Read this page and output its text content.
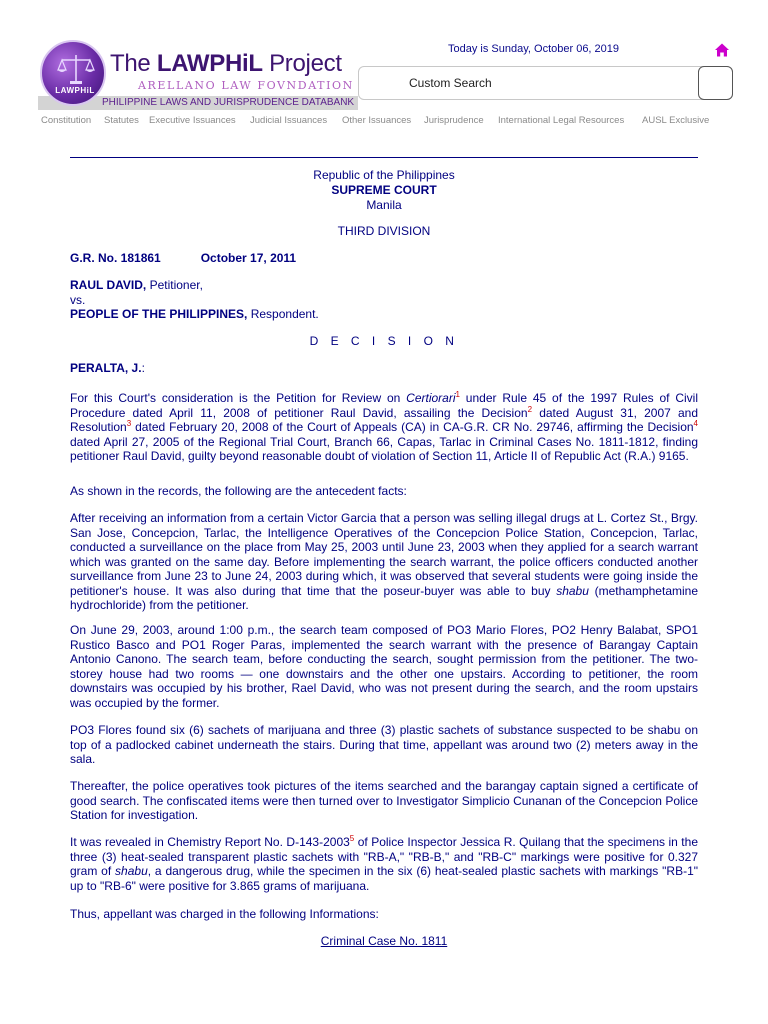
PHILIPPINE LAWS AND JURISPRUDENCE DATABANK
LAWPHiL
The LAWPHiL Project
ARELLANO LAW FOVNDATION
Today is Sunday, October 06, 2019
Custom Search
Constitution Statutes Executive Issuances Judicial Issuances Other Issuances Jurisprudence International Legal Resources AUSL Exclusive
Republic of the Philippines
SUPREME COURT
Manila
THIRD DIVISION
G.R. No. 181861	October 17, 2011
RAUL DAVID, Petitioner,
vs.
PEOPLE OF THE PHILIPPINES, Respondent.
D E C I S I O N
PERALTA, J.:
For this Court's consideration is the Petition for Review on Certiorari$^1$ under Rule 45 of the 1997 Rules of Civil Procedure dated April 11, 2008 of petitioner Raul David, assailing the Decision$^2$ dated August 31, 2007 and Resolution$^3$ dated February 20, 2008 of the Court of Appeals (CA) in CA-G.R. CR No. 29746, affirming the Decision$^4$ dated April 27, 2005 of the Regional Trial Court, Branch 66, Capas, Tarlac in Criminal Cases No. 1811-1812, finding petitioner Raul David, guilty beyond reasonable doubt of violation of Section 11, Article II of Republic Act (R.A.) 9165.
As shown in the records, the following are the antecedent facts:
After receiving an information from a certain Victor Garcia that a person was selling illegal drugs at L. Cortez St., Brgy. San Jose, Concepcion, Tarlac, the Intelligence Operatives of the Concepcion Police Station, Concepcion, Tarlac, conducted a surveillance on the place from May 25, 2003 until June 23, 2003 when they applied for a search warrant which was granted on the same day. Before implementing the search warrant, the police officers conducted another surveillance from June 23 to June 24, 2003 during which, it was observed that several students were going inside the petitioner's house. It was also during that time that the poseur-buyer was able to buy shabu (methamphetamine hydrochloride) from the petitioner.
On June 29, 2003, around 1:00 p.m., the search team composed of PO3 Mario Flores, PO2 Henry Balabat, SPO1 Rustico Basco and PO1 Roger Paras, implemented the search warrant with the presence of Barangay Captain Antonio Canono. The search team, before conducting the search, sought permission from the petitioner. The two-storey house had two rooms — one downstairs and the other one upstairs. According to petitioner, the room downstairs was occupied by his brother, Rael David, who was not present during the search, and the room upstairs was occupied by the former.
PO3 Flores found six (6) sachets of marijuana and three (3) plastic sachets of substance suspected to be shabu on top of a padlocked cabinet underneath the stairs. During that time, appellant was around two (2) meters away in the sala.
Thereafter, the police operatives took pictures of the items searched and the barangay captain signed a certificate of good search. The confiscated items were then turned over to Investigator Simplicio Cunanan of the Concepcion Police Station for investigation.
It was revealed in Chemistry Report No. D-143-2003$^5$ of Police Inspector Jessica R. Quilang that the specimens in the three (3) heat-sealed transparent plastic sachets with "RB-A," "RB-B," and "RB-C" markings were positive for 0.327 gram of shabu, a dangerous drug, while the specimen in the six (6) heat-sealed plastic sachets with markings "RB-1" up to "RB-6" were positive for 3.865 grams of marijuana.
Thus, appellant was charged in the following Informations:
Criminal Case No. 1811
